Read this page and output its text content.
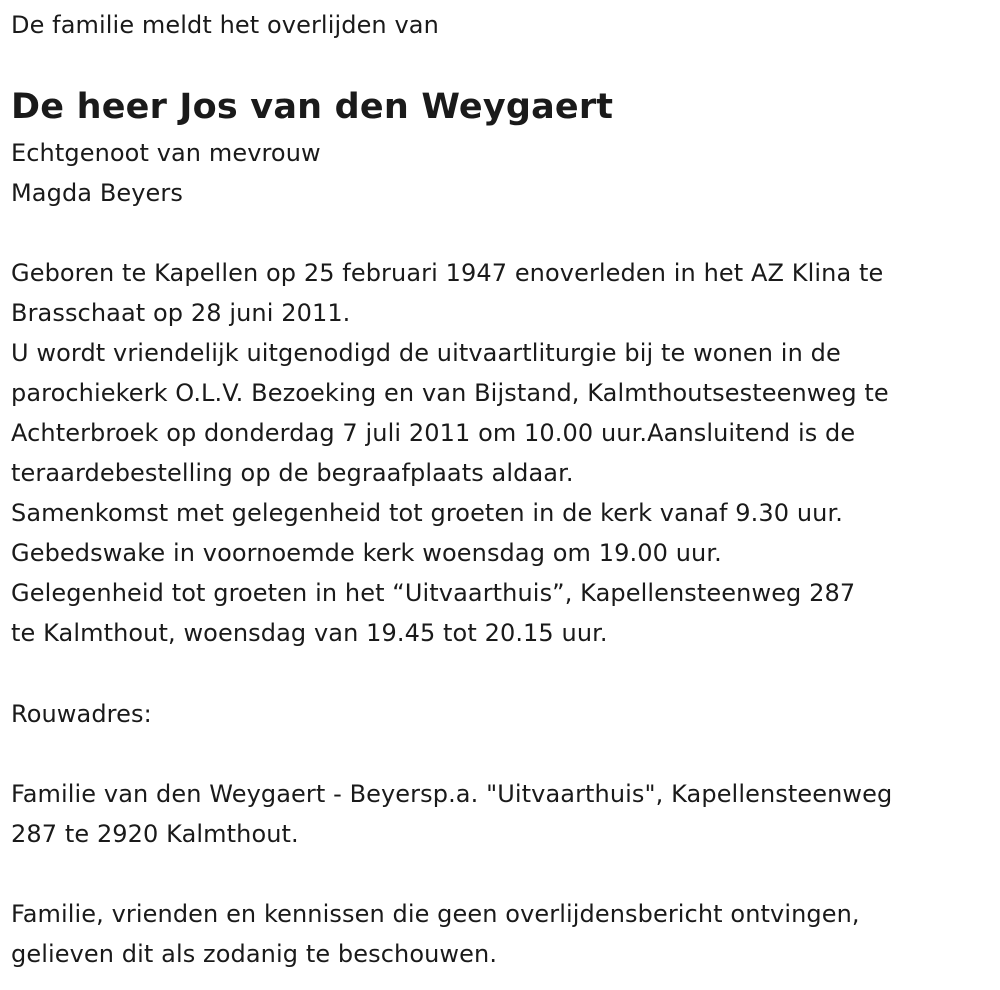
De familie meldt het overlijden van

De heer Jos van den Weygaert

Echtgenoot van mevrouw

Magda Beyers

Geboren te Kapellen op 25 februari 1947 enoverleden in het AZ Klina te

Brasschaat op 28 juni 2011.

U wordt vriendelijk uitgenodigd de uitvaartliturgie bij te wonen in de

parochiekerk O.L.V. Bezoeking en van Bijstand, Kalmthoutsesteenweg te

Achterbroek op donderdag 7 juli 2011 om 10.00 uur.Aansluitend is de

teraardebestelling op de begraafplaats aldaar.

Samenkomst met gelegenheid tot groeten in de kerk vanaf 9.30 uur.

Gebedswake in voornoemde kerk woensdag om 19.00 uur.

Gelegenheid tot groeten in het “Uitvaarthuis”, Kapellensteenweg 287

te Kalmthout, woensdag van 19.45 tot 20.15 uur.

Rouwadres:

Familie van den Weygaert - Beyersp.a. "Uitvaarthuis", Kapellensteenweg

287 te 2920 Kalmthout.

Familie, vrienden en kennissen die geen overlijdensbericht ontvingen,

gelieven dit als zodanig te beschouwen.
